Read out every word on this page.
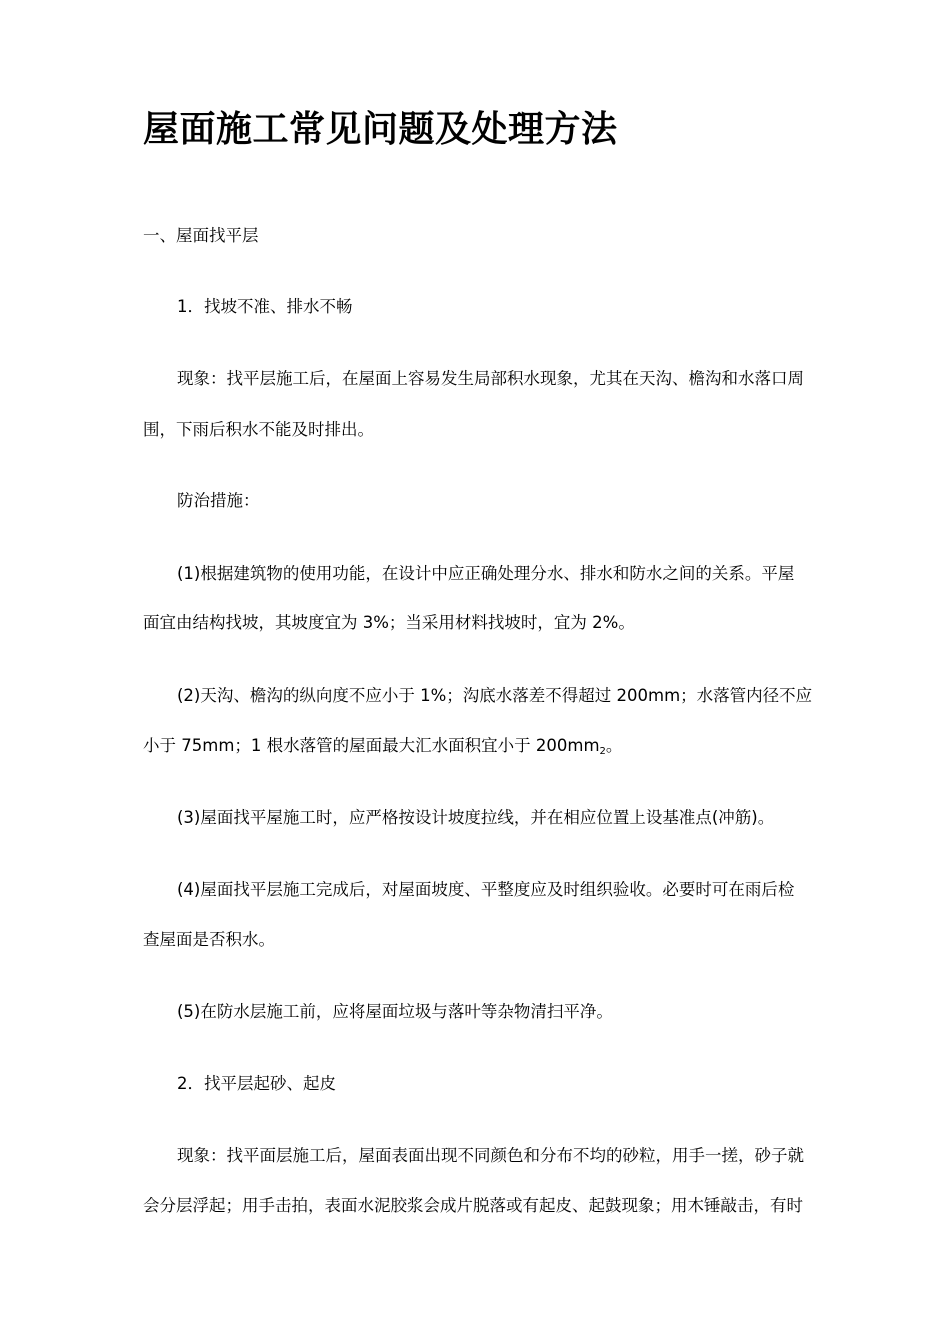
屋面施工常见问题及处理方法

一、屋面找平层

1．找坡不准、排水不畅

现象：找平层施工后，在屋面上容易发生局部积水现象，尤其在天沟、檐沟和水落口周

围，下雨后积水不能及时排出。

防治措施：

(1)根据建筑物的使用功能，在设计中应正确处理分水、排水和防水之间的关系。平屋

面宜由结构找坡，其坡度宜为 3%；当采用材料找坡时，宜为 2%。

(2)天沟、檐沟的纵向度不应小于 1%；沟底水落差不得超过 200mm；水落管内径不应

小于 75mm；1 根水落管的屋面最大汇水面积宜小于 $200mm_2$。

(3)屋面找平屋施工时，应严格按设计坡度拉线，并在相应位置上设基准点(冲筋)。

(4)屋面找平层施工完成后，对屋面坡度、平整度应及时组织验收。必要时可在雨后检

查屋面是否积水。

(5)在防水层施工前，应将屋面垃圾与落叶等杂物清扫平净。

2．找平层起砂、起皮

现象：找平面层施工后，屋面表面出现不同颜色和分布不均的砂粒，用手一搓，砂子就

会分层浮起；用手击拍，表面水泥胶浆会成片脱落或有起皮、起鼓现象；用木锤敲击，有时
